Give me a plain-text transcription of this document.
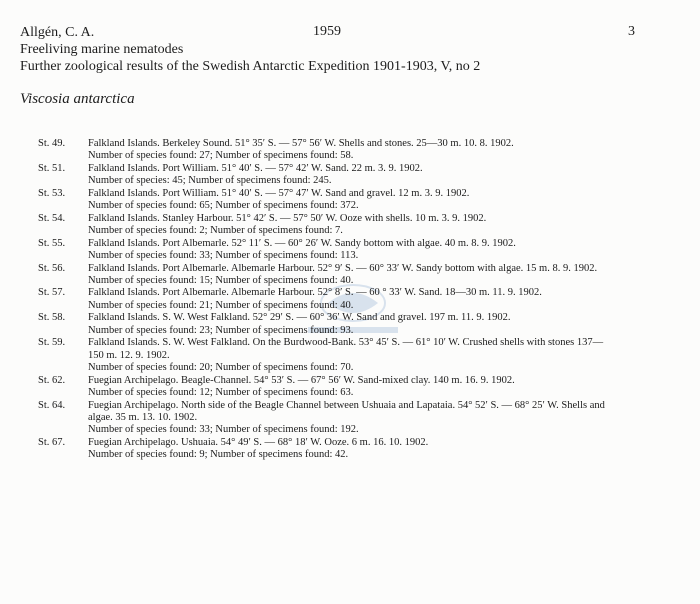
Allgén, C. A.	1959	3
Freeliving marine nematodes
Further zoological results of the Swedish Antarctic Expedition 1901-1903, V, no 2
Viscosia antarctica
St. 49.	Falkland Islands. Berkeley Sound. 51° 35′ S. — 57° 56′ W. Shells and stones. 25—30 m. 10. 8. 1902.
Number of species found: 27; Number of specimens found: 58.
St. 51.	Falkland Islands. Port William. 51° 40′ S. — 57° 42′ W. Sand. 22 m. 3. 9. 1902.
Number of species: 45; Number of specimens found: 245.
St. 53.	Falkland Islands. Port William. 51° 40′ S. — 57° 47′ W. Sand and gravel. 12 m. 3. 9. 1902.
Number of species found: 65; Number of specimens found: 372.
St. 54.	Falkland Islands. Stanley Harbour. 51° 42′ S. — 57° 50′ W. Ooze with shells. 10 m. 3. 9. 1902.
Number of species found: 2; Number of specimens found: 7.
St. 55.	Falkland Islands. Port Albemarle. 52° 11′ S. — 60° 26′ W. Sandy bottom with algae. 40 m. 8. 9. 1902.
Number of species found: 33; Number of specimens found: 113.
St. 56.	Falkland Islands. Port Albemarle. Albemarle Harbour. 52° 9′ S. — 60° 33′ W. Sandy bottom with algae. 15 m. 8. 9. 1902.
Number of species found: 15; Number of specimens found: 40.
St. 57.	Falkland Islands. Port Albemarle. Albemarle Harbour. 52° 8′ S. — 60 ° 33′ W. Sand. 18—30 m. 11. 9. 1902.
Number of species found: 21; Number of specimens found: 40.
St. 58.	Falkland Islands. S. W. West Falkland. 52° 29′ S. — 60° 36′ W. Sand and gravel. 197 m. 11. 9. 1902.
Number of species found: 23; Number of specimens found: 93.
St. 59.	Falkland Islands. S. W. West Falkland. On the Burdwood-Bank. 53° 45′ S. — 61° 10′ W. Crushed shells with stones 137—150 m. 12. 9. 1902.
Number of species found: 20; Number of specimens found: 70.
St. 62.	Fuegian Archipelago. Beagle-Channel. 54° 53′ S. — 67° 56′ W. Sand-mixed clay. 140 m. 16. 9. 1902.
Number of species found: 12; Number of specimens found: 63.
St. 64.	Fuegian Archipelago. North side of the Beagle Channel between Ushuaia and Lapataia. 54° 52′ S. — 68° 25′ W. Shells and algae. 35 m. 13. 10. 1902.
Number of species found: 33; Number of specimens found: 192.
St. 67.	Fuegian Archipelago. Ushuaia. 54° 49′ S. — 68° 18′ W. Ooze. 6 m. 16. 10. 1902.
Number of species found: 9; Number of specimens found: 42.
